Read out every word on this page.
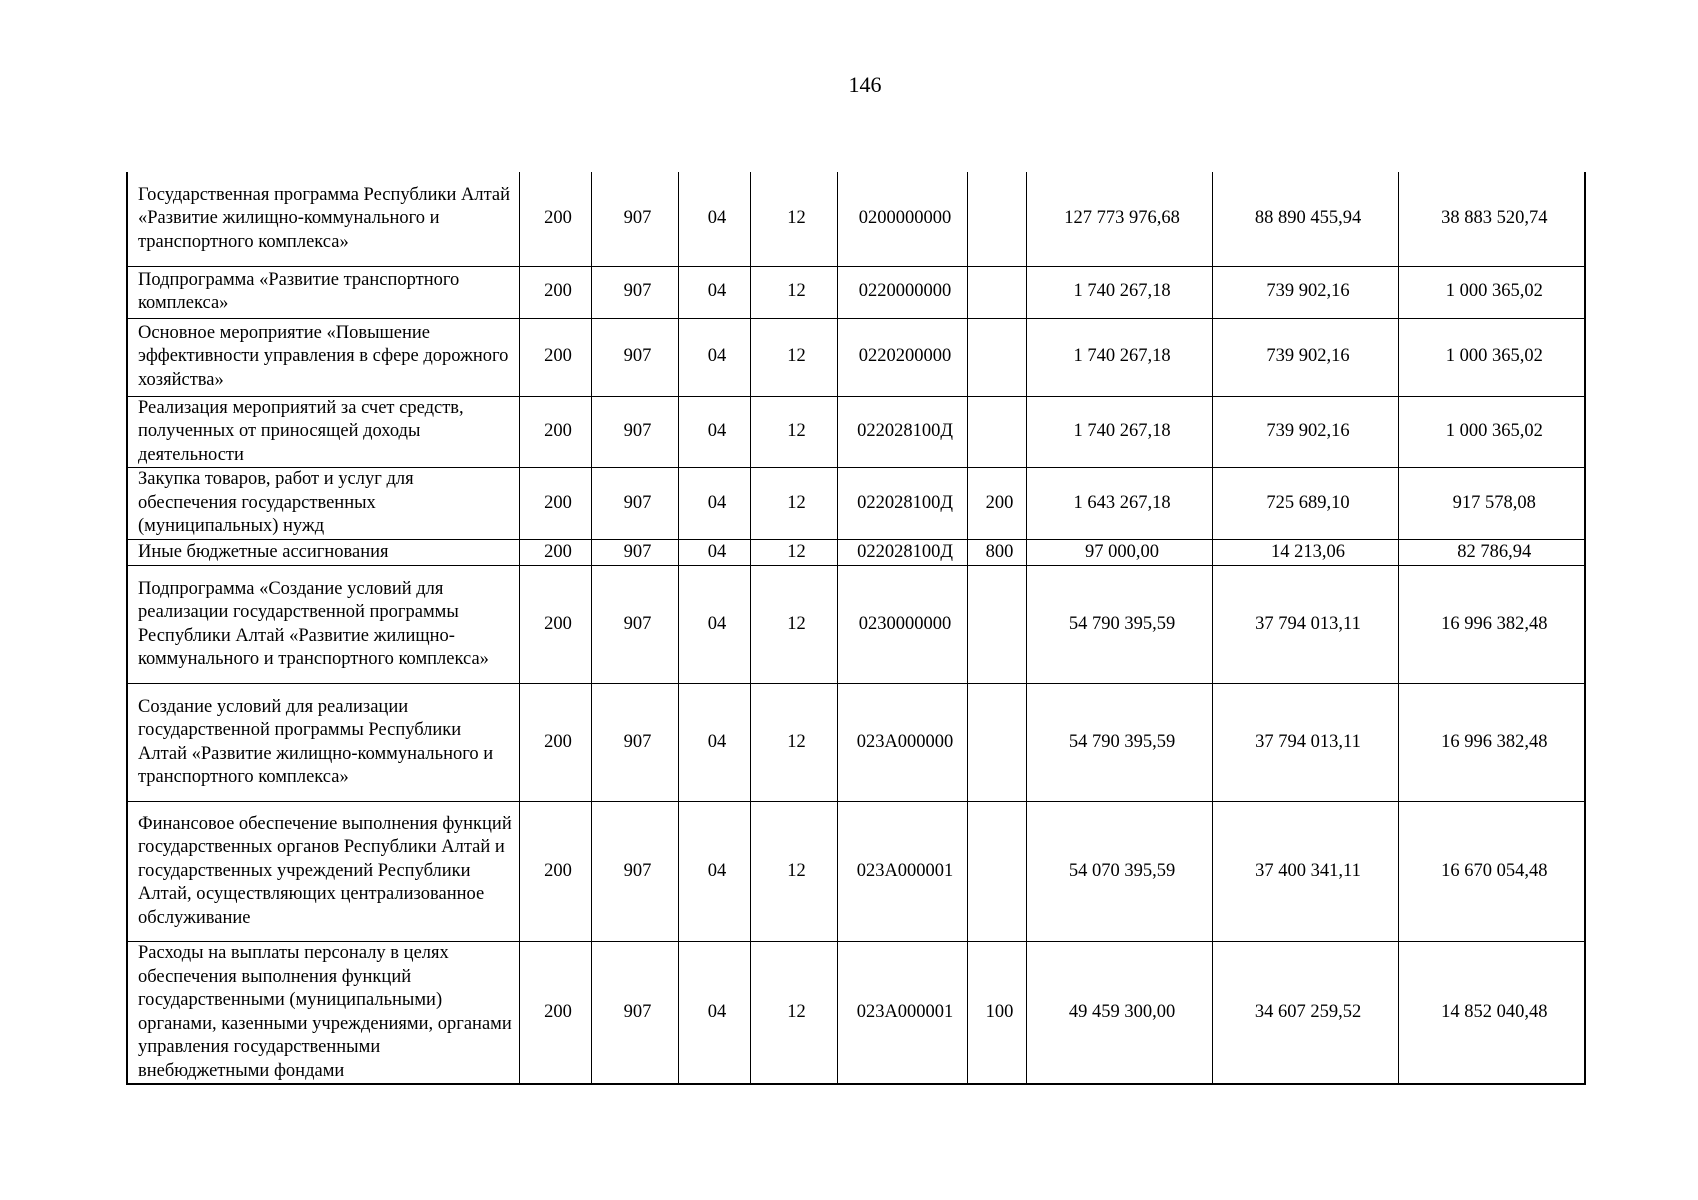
146
Государственная программа Республики Алтай «Развитие жилищно-коммунального и транспортного комплекса»	200	907	04	12	0200000000		127 773 976,68	88 890 455,94	38 883 520,74
Подпрограмма «Развитие транспортного комплекса»	200	907	04	12	0220000000		1 740 267,18	739 902,16	1 000 365,02
Основное мероприятие «Повышение эффективности управления в сфере дорожного хозяйства»	200	907	04	12	0220200000		1 740 267,18	739 902,16	1 000 365,02
Реализация мероприятий за счет средств, полученных от приносящей доходы деятельности	200	907	04	12	022028100Д		1 740 267,18	739 902,16	1 000 365,02
Закупка товаров, работ и услуг для обеспечения государственных (муниципальных) нужд	200	907	04	12	022028100Д	200	1 643 267,18	725 689,10	917 578,08
Иные бюджетные ассигнования	200	907	04	12	022028100Д	800	97 000,00	14 213,06	82 786,94
Подпрограмма «Создание условий для реализации государственной программы Республики Алтай «Развитие жилищно-коммунального и транспортного комплекса»	200	907	04	12	0230000000		54 790 395,59	37 794 013,11	16 996 382,48
Создание условий для реализации государственной программы Республики Алтай «Развитие жилищно-коммунального и транспортного комплекса»	200	907	04	12	023А000000		54 790 395,59	37 794 013,11	16 996 382,48
Финансовое обеспечение выполнения функций государственных органов Республики Алтай и государственных учреждений Республики Алтай, осуществляющих централизованное обслуживание	200	907	04	12	023А000001		54 070 395,59	37 400 341,11	16 670 054,48
Расходы на выплаты персоналу в целях обеспечения выполнения функций государственными (муниципальными) органами, казенными учреждениями, органами управления государственными внебюджетными фондами	200	907	04	12	023А000001	100	49 459 300,00	34 607 259,52	14 852 040,48
